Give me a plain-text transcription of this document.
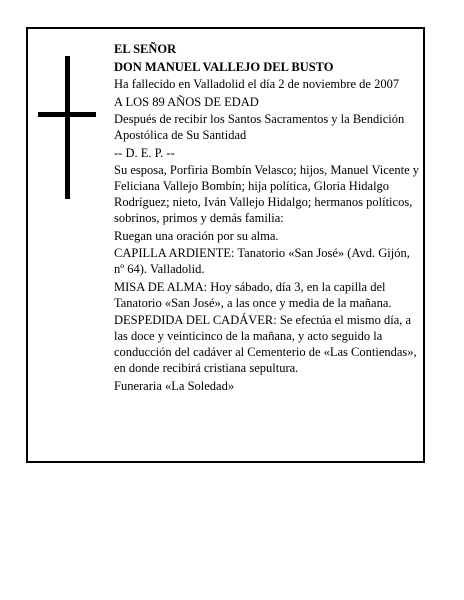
EL SEÑOR

DON MANUEL VALLEJO DEL BUSTO

Ha fallecido en Valladolid el día 2 de noviembre de 2007

A LOS 89 AÑOS DE EDAD

Después de recibir los Santos Sacramentos y la Bendición Apostólica de Su Santidad

-- D. E. P. --

Su esposa, Porfiria Bombín Velasco; hijos, Manuel Vicente y Feliciana Vallejo Bombín; hija política, Gloria Hidalgo Rodríguez; nieto, Iván Vallejo Hidalgo; hermanos políticos, sobrinos, primos y demás familia:

Ruegan una oración por su alma.

CAPILLA ARDIENTE: Tanatorio «San José» (Avd. Gijón, nº 64). Valladolid.

MISA DE ALMA: Hoy sábado, día 3, en la capilla del Tanatorio «San José», a las once y media de la mañana.

DESPEDIDA DEL CADÁVER: Se efectúa el mismo día, a las doce y veinticinco de la mañana, y acto seguido la conducción del cadáver al Cementerio de «Las Contiendas», en donde recibirá cristiana sepultura.

Funeraria «La Soledad»
